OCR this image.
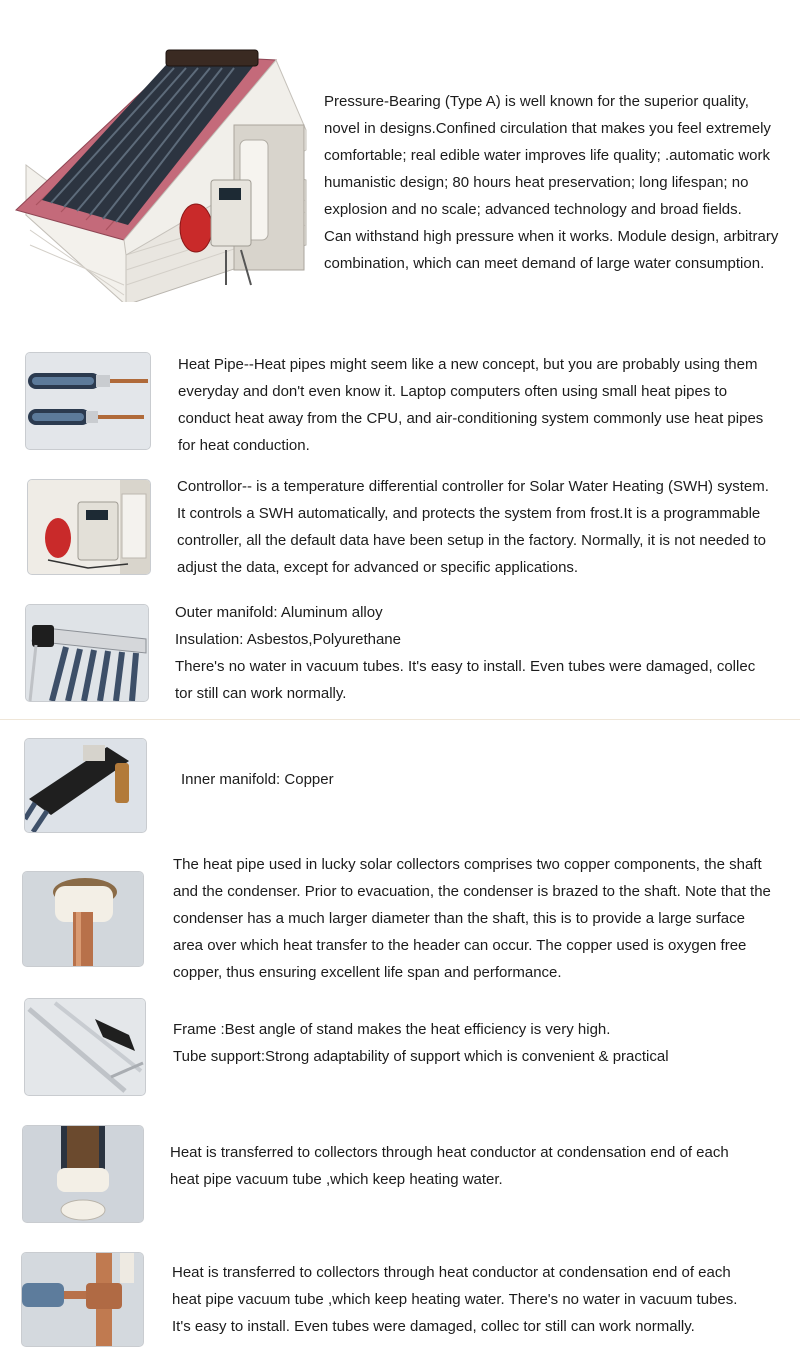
Pressure-Bearing (Type A) is well known for the superior quality,

novel in designs.Confined circulation that makes you feel extremely

comfortable; real edible water improves life quality; .automatic work

humanistic design; 80 hours heat preservation; long lifespan; no

explosion and no scale; advanced technology and broad fields.

Can withstand high pressure when it works. Module design, arbitrary

combination, which can meet demand of large water consumption.

Heat Pipe--Heat pipes might seem like a new concept, but you are probably using them

everyday and don't even know it. Laptop computers often using small heat pipes to

conduct heat away from the CPU, and air-conditioning system commonly use heat pipes

for heat conduction.

Controllor-- is a temperature differential controller for Solar Water Heating (SWH) system.

It controls a SWH automatically, and protects the system from frost.It is a programmable

controller, all the default data have been setup in the factory. Normally, it is not needed to

adjust the data, except for advanced or specific applications.

Outer manifold: Aluminum alloy

Insulation: Asbestos,Polyurethane

There's no water in vacuum tubes. It's easy to install. Even tubes were damaged, collec

tor still can work normally.

Inner manifold: Copper

The heat pipe used in lucky solar collectors comprises two copper components, the shaft

and the condenser. Prior to evacuation, the condenser is brazed to the shaft. Note that the

condenser has a much larger diameter than the shaft, this is to provide a large surface

area over which heat transfer to the header can occur. The copper used is oxygen free

copper, thus ensuring excellent life span and performance.

Frame :Best angle of stand makes the heat efficiency is very high.

Tube support:Strong adaptability of support which is convenient & practical

Heat is transferred to collectors through heat conductor at condensation end of each

heat pipe vacuum tube ,which keep heating water.

Heat is transferred to collectors through heat conductor at condensation end of each

heat pipe vacuum tube ,which keep heating water. There's no water in vacuum tubes.

It's easy to install. Even tubes were damaged, collec tor still can work normally.
